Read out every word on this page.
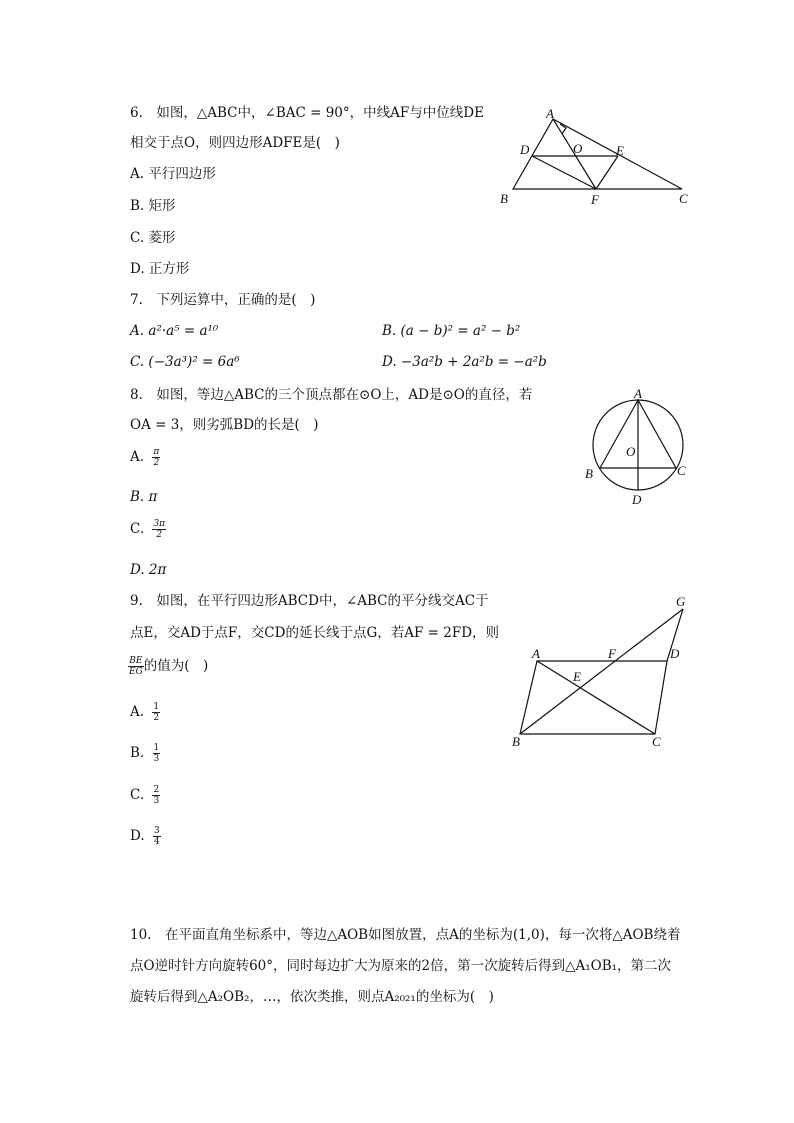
6.　如图，△ABC中，∠BAC = 90°，中线AF与中位线DE
相交于点O，则四边形ADFE是(　)
A. 平行四边形
B. 矩形
C. 菱形
D. 正方形
A
D	O	E
B	F	C
7.　下列运算中，正确的是(　)
A. a²·a⁵ = a¹⁰	B. (a − b)² = a² − b²
C. (−3a³)² = 6a⁶	D. −3a²b + 2a²b = −a²b
8.　如图，等边△ABC的三个顶点都在⊙O上，AD是⊙O的直径，若
OA = 3，则劣弧BD的长是(　)
A. $\frac{\pi}{2}$
B. π
C. $\frac{3\pi}{2}$
D. 2π
A
O
B	C
D
9.　如图，在平行四边形ABCD中，∠ABC的平分线交AC于
点E，交AD于点F，交CD的延长线于点G，若AF = 2FD，则
$\frac{BE}{EG}$ 的值为(　)
A. $\frac{1}{2}$
B. $\frac{1}{3}$
C. $\frac{2}{3}$
D. $\frac{3}{4}$
G
A	F	D
E
B	C
10.　在平面直角坐标系中，等边△AOB如图放置，点A的坐标为(1,0)，每一次将△AOB绕着
点O逆时针方向旋转60°，同时每边扩大为原来的2倍，第一次旋转后得到△A₁OB₁，第二次
旋转后得到△A₂OB₂，…，依次类推，则点A₂₀₂₁的坐标为(　)
